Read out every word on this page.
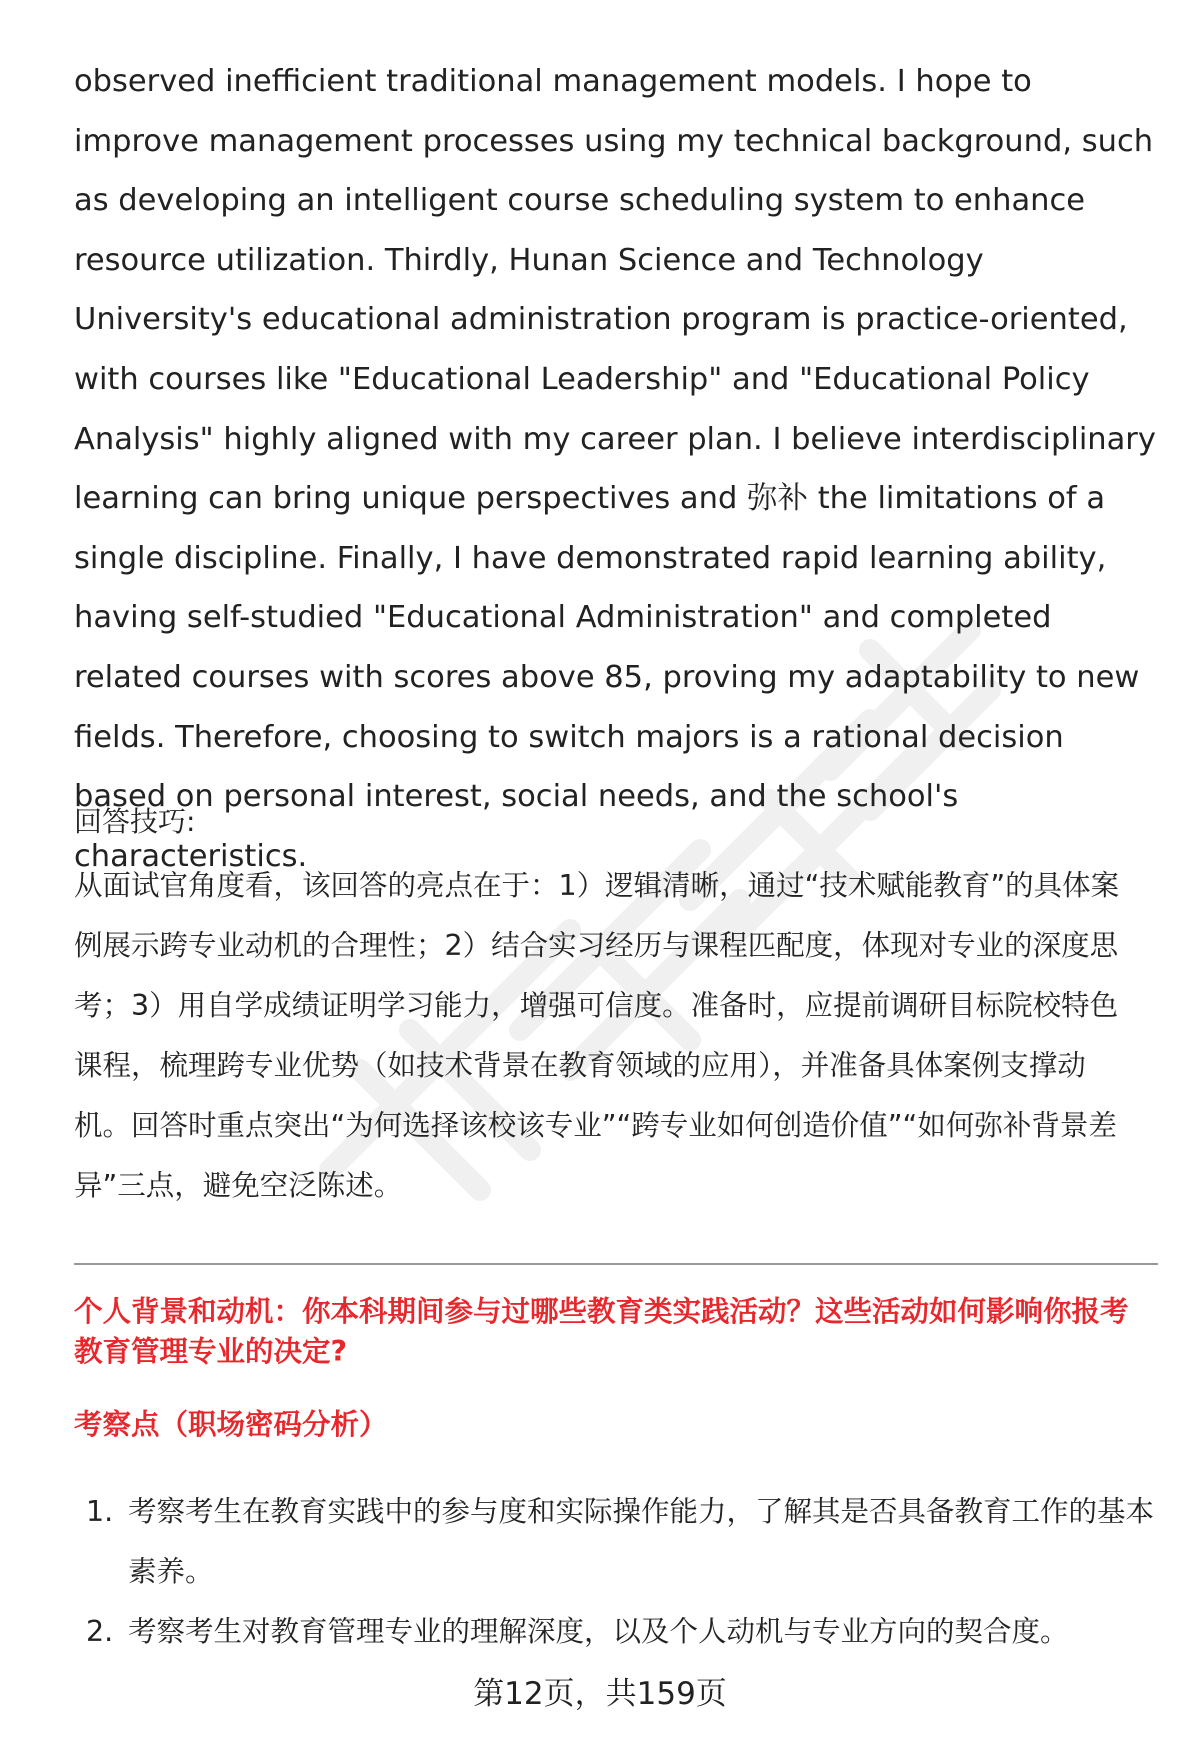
observed inefficient traditional management models. I hope to improve management processes using my technical background, such as developing an intelligent course scheduling system to enhance resource utilization. Thirdly, Hunan Science and Technology University's educational administration program is practice-oriented, with courses like "Educational Leadership" and "Educational Policy Analysis" highly aligned with my career plan. I believe interdisciplinary learning can bring unique perspectives and 弥补 the limitations of a single discipline. Finally, I have demonstrated rapid learning ability, having self-studied "Educational Administration" and completed related courses with scores above 85, proving my adaptability to new fields. Therefore, choosing to switch majors is a rational decision based on personal interest, social needs, and the school's characteristics.

回答技巧:

从面试官角度看，该回答的亮点在于：1）逻辑清晰，通过“技术赋能教育”的具体案例展示跨专业动机的合理性；2）结合实习经历与课程匹配度，体现对专业的深度思考；3）用自学成绩证明学习能力，增强可信度。准备时，应提前调研目标院校特色课程，梳理跨专业优势（如技术背景在教育领域的应用），并准备具体案例支撑动机。回答时重点突出“为何选择该校该专业”“跨专业如何创造价值”“如何弥补背景差异”三点，避免空泛陈述。

个人背景和动机：你本科期间参与过哪些教育类实践活动？这些活动如何影响你报考教育管理专业的决定?

考察点（职场密码分析）

1. 考察考生在教育实践中的参与度和实际操作能力，了解其是否具备教育工作的基本素养。
2. 考察考生对教育管理专业的理解深度，以及个人动机与专业方向的契合度。
第12页，共159页
